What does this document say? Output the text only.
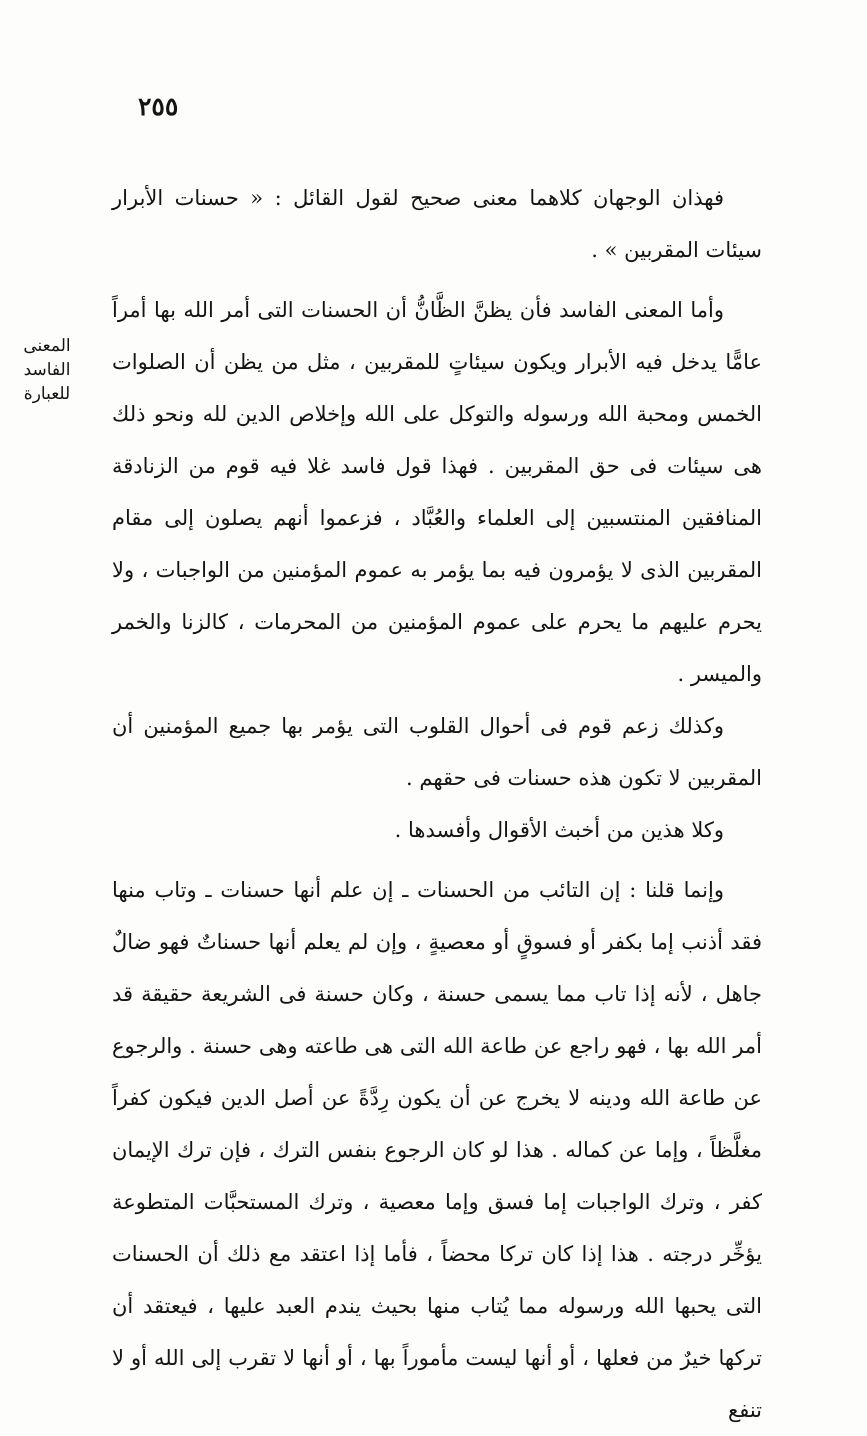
٢٥٥
المعنى الفاسد
للعبارة

فهذان الوجهان كلاهما معنى صحيح لقول القائل : « حسنات الأبرار سيئات المقربين » .

وأما المعنى الفاسد فأن يظنَّ الظَّانُّ أن الحسنات التى أمر الله بها أمراً عامًّا يدخل فيه الأبرار ويكون سيئاتٍ للمقربين ، مثل من يظن أن الصلوات الخمس ومحبة الله ورسوله والتوكل على الله وإخلاص الدين لله ونحو ذلك هى سيئات فى حق المقربين . فهذا قول فاسد غلا فيه قوم من الزنادقة المنافقين المنتسبين إلى العلماء والعُبَّاد ، فزعموا أنهم يصلون إلى مقام المقربين الذى لا يؤمرون فيه بما يؤمر به عموم المؤمنين من الواجبات ، ولا يحرم عليهم ما يحرم على عموم المؤمنين من المحرمات ، كالزنا والخمر والميسر .

وكذلك زعم قوم فى أحوال القلوب التى يؤمر بها جميع المؤمنين أن المقربين لا تكون هذه حسنات فى حقهم .

وكلا هذين من أخبث الأقوال وأفسدها .

وإنما قلنا : إن التائب من الحسنات ـ إن علم أنها حسنات ـ وتاب منها فقد أذنب إما بكفر أو فسوقٍ أو معصيةٍ ، وإن لم يعلم أنها حسناتٌ فهو ضالٌ جاهل ، لأنه إذا تاب مما يسمى حسنة ، وكان حسنة فى الشريعة حقيقة قد أمر الله بها ، فهو راجع عن طاعة الله التى هى طاعته وهى حسنة . والرجوع عن طاعة الله ودينه لا يخرج عن أن يكون رِدَّةً عن أصل الدين فيكون كفراً مغلَّظاً ، وإما عن كماله . هذا لو كان الرجوع بنفس الترك ، فإن ترك الإيمان كفر ، وترك الواجبات إما فسق وإما معصية ، وترك المستحبَّات المتطوعة يؤخِّر درجته . هذا إذا كان تركا محضاً ، فأما إذا اعتقد مع ذلك أن الحسنات التى يحبها الله ورسوله مما يُتاب منها بحيث يندم العبد عليها ، فيعتقد أن تركها خيرٌ من فعلها ، أو أنها ليست مأموراً بها ، أو أنها لا تقرب إلى الله أو لا تنفع
